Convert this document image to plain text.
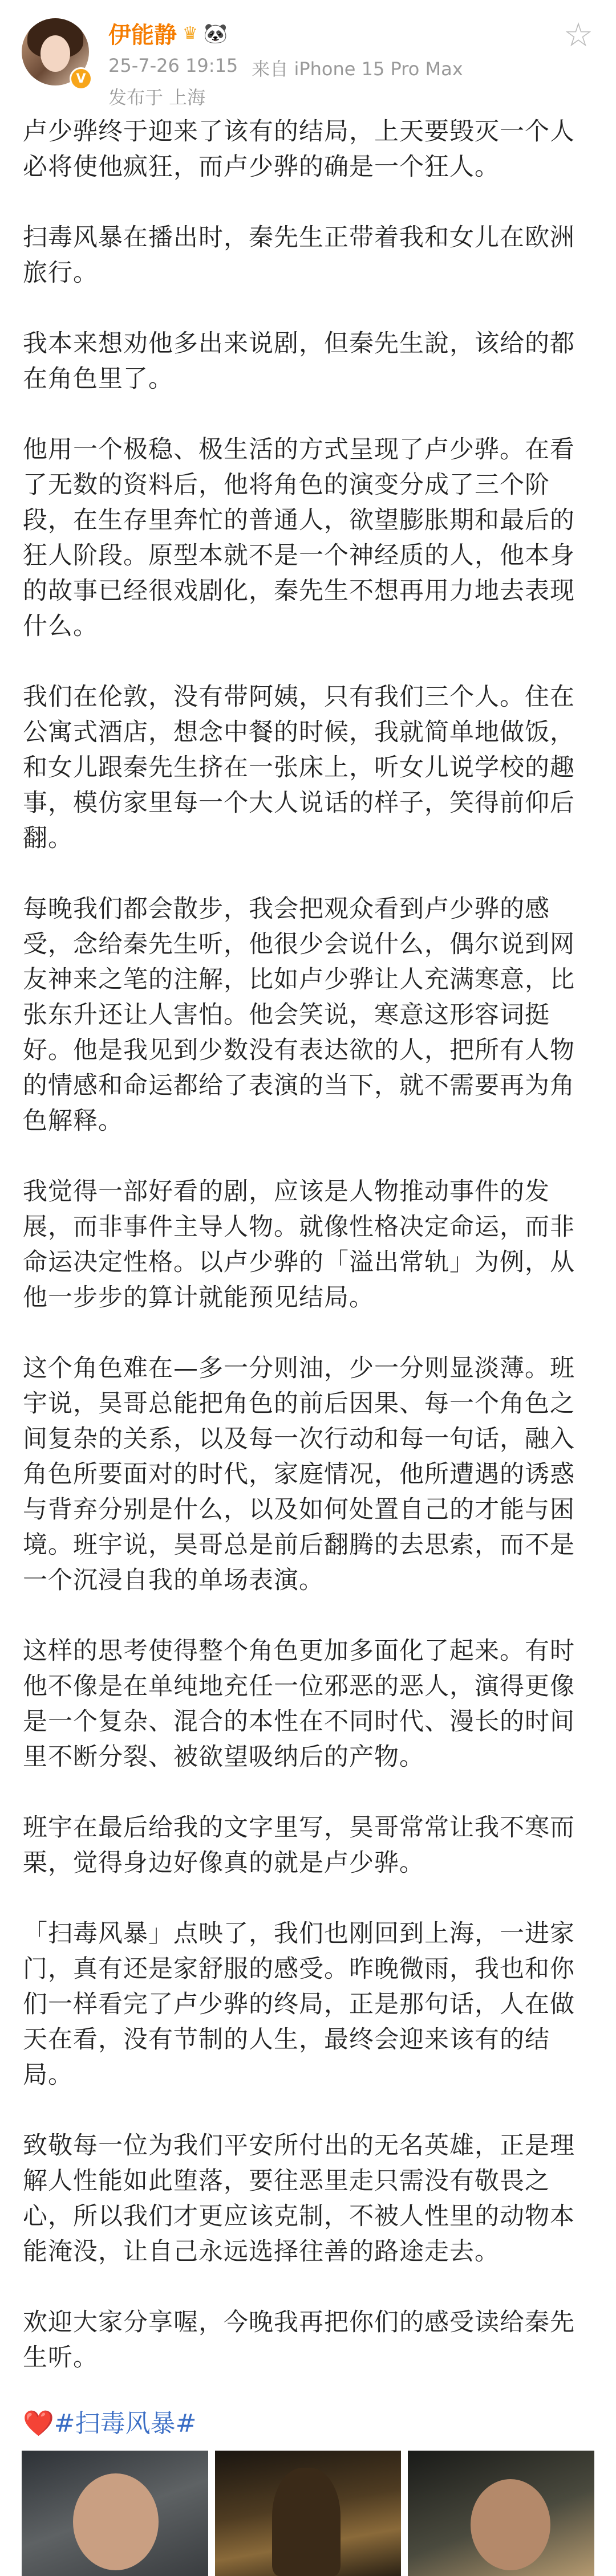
V
伊能静 ♛ 🐼
25-7-26 19:15 来自 iPhone 15 Pro Max
发布于 上海
☆

卢少骅终于迎来了该有的结局，上天要毁灭一个人必将使他疯狂，而卢少骅的确是一个狂人。

扫毒风暴在播出时，秦先生正带着我和女儿在欧洲旅行。

我本来想劝他多出来说剧，但秦先生說，该给的都在角色里了。

他用一个极稳、极生活的方式呈现了卢少骅。在看了无数的资料后，他将角色的演变分成了三个阶段，在生存里奔忙的普通人，欲望膨胀期和最后的狂人阶段。原型本就不是一个神经质的人，他本身的故事已经很戏剧化，秦先生不想再用力地去表现什么。

我们在伦敦，没有带阿姨，只有我们三个人。住在公寓式酒店，想念中餐的时候，我就简单地做饭，和女儿跟秦先生挤在一张床上，听女儿说学校的趣事，模仿家里每一个大人说话的样子，笑得前仰后翻。

每晚我们都会散步，我会把观众看到卢少骅的感受，念给秦先生听，他很少会说什么，偶尔说到网友神来之笔的注解，比如卢少骅让人充满寒意，比张东升还让人害怕。他会笑说，寒意这形容词挺好。他是我见到少数没有表达欲的人，把所有人物的情感和命运都给了表演的当下，就不需要再为角色解释。

我觉得一部好看的剧，应该是人物推动事件的发展，而非事件主导人物。就像性格决定命运，而非命运决定性格。以卢少骅的「溢出常轨」为例，从他一步步的算计就能预见结局。

这个角色难在—多一分则油，少一分则显淡薄。班宇说，昊哥总能把角色的前后因果、每一个角色之间复杂的关系，以及每一次行动和每一句话，融入角色所要面对的时代，家庭情况，他所遭遇的诱惑与背弃分别是什么，以及如何处置自己的才能与困境。班宇说，昊哥总是前后翻腾的去思索，而不是一个沉浸自我的单场表演。

这样的思考使得整个角色更加多面化了起来。有时他不像是在单纯地充任一位邪恶的恶人，演得更像是一个复杂、混合的本性在不同时代、漫长的时间里不断分裂、被欲望吸纳后的产物。

班宇在最后给我的文字里写，昊哥常常让我不寒而栗，觉得身边好像真的就是卢少骅。

「扫毒风暴」点映了，我们也刚回到上海，一进家门，真有还是家舒服的感受。昨晚微雨，我也和你们一样看完了卢少骅的终局，正是那句话，人在做天在看，没有节制的人生，最终会迎来该有的结局。

致敬每一位为我们平安所付出的无名英雄，正是理解人性能如此堕落，要往恶里走只需没有敬畏之心，所以我们才更应该克制，不被人性里的动物本能淹没，让自己永远选择往善的路途走去。

欢迎大家分享喔，今晚我再把你们的感受读给秦先生听。

❤️#扫毒风暴#
